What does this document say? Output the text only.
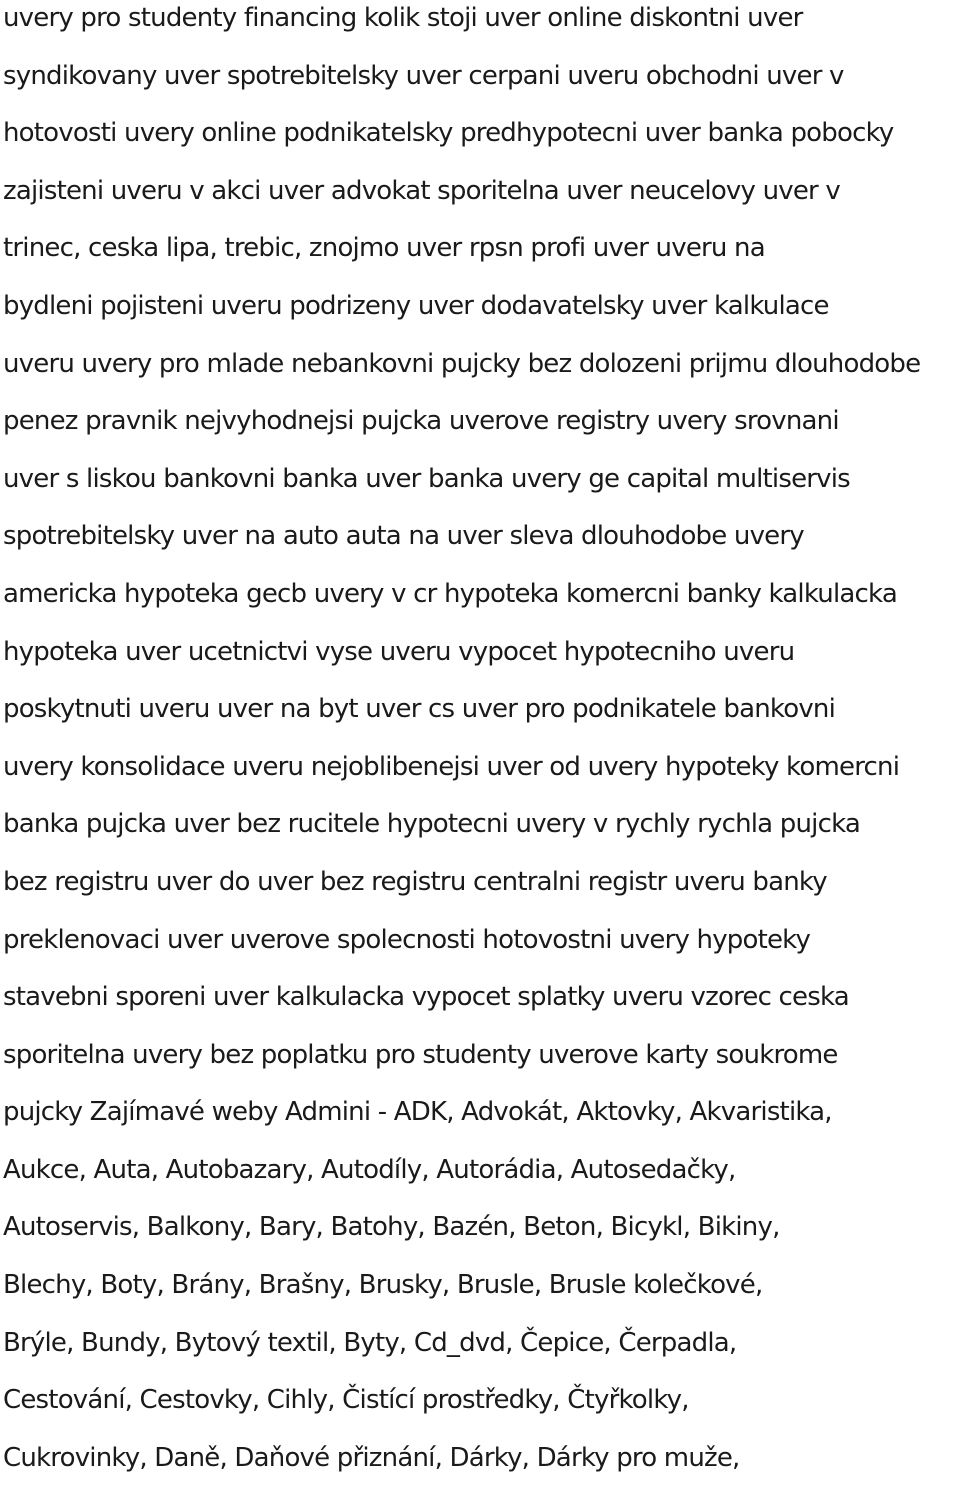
uvery pro studenty financing kolik stoji uver online diskontni uver
syndikovany uver spotrebitelsky uver cerpani uveru obchodni uver v
hotovosti uvery online podnikatelsky predhypotecni uver banka pobocky
zajisteni uveru v akci uver advokat sporitelna uver neucelovy uver v
trinec, ceska lipa, trebic, znojmo uver rpsn profi uver uveru na
bydleni pojisteni uveru podrizeny uver dodavatelsky uver kalkulace
uveru uvery pro mlade nebankovni pujcky bez dolozeni prijmu dlouhodobe
penez pravnik nejvyhodnejsi pujcka uverove registry uvery srovnani
uver s liskou bankovni banka uver banka uvery ge capital multiservis
spotrebitelsky uver na auto auta na uver sleva dlouhodobe uvery
americka hypoteka gecb uvery v cr hypoteka komercni banky kalkulacka
hypoteka uver ucetnictvi vyse uveru vypocet hypotecniho uveru
poskytnuti uveru uver na byt uver cs uver pro podnikatele bankovni
uvery konsolidace uveru nejoblibenejsi uver od uvery hypoteky komercni
banka pujcka uver bez rucitele hypotecni uvery v rychly rychla pujcka
bez registru uver do uver bez registru centralni registr uveru banky
preklenovaci uver uverove spolecnosti hotovostni uvery hypoteky
stavebni sporeni uver kalkulacka vypocet splatky uveru vzorec ceska
sporitelna uvery bez poplatku pro studenty uverove karty soukrome
pujcky Zajímavé weby Admini - ADK, Advokát, Aktovky, Akvaristika,
Aukce, Auta, Autobazary, Autodíly, Autorádia, Autosedačky,
Autoservis, Balkony, Bary, Batohy, Bazén, Beton, Bicykl, Bikiny,
Blechy, Boty, Brány, Brašny, Brusky, Brusle, Brusle kolečkové,
Brýle, Bundy, Bytový textil, Byty, Cd_dvd, Čepice, Čerpadla,
Cestování, Cestovky, Cihly, Čistící prostředky, Čtyřkolky,
Cukrovinky, Daně, Daňové přiznání, Dárky, Dárky pro muže,
